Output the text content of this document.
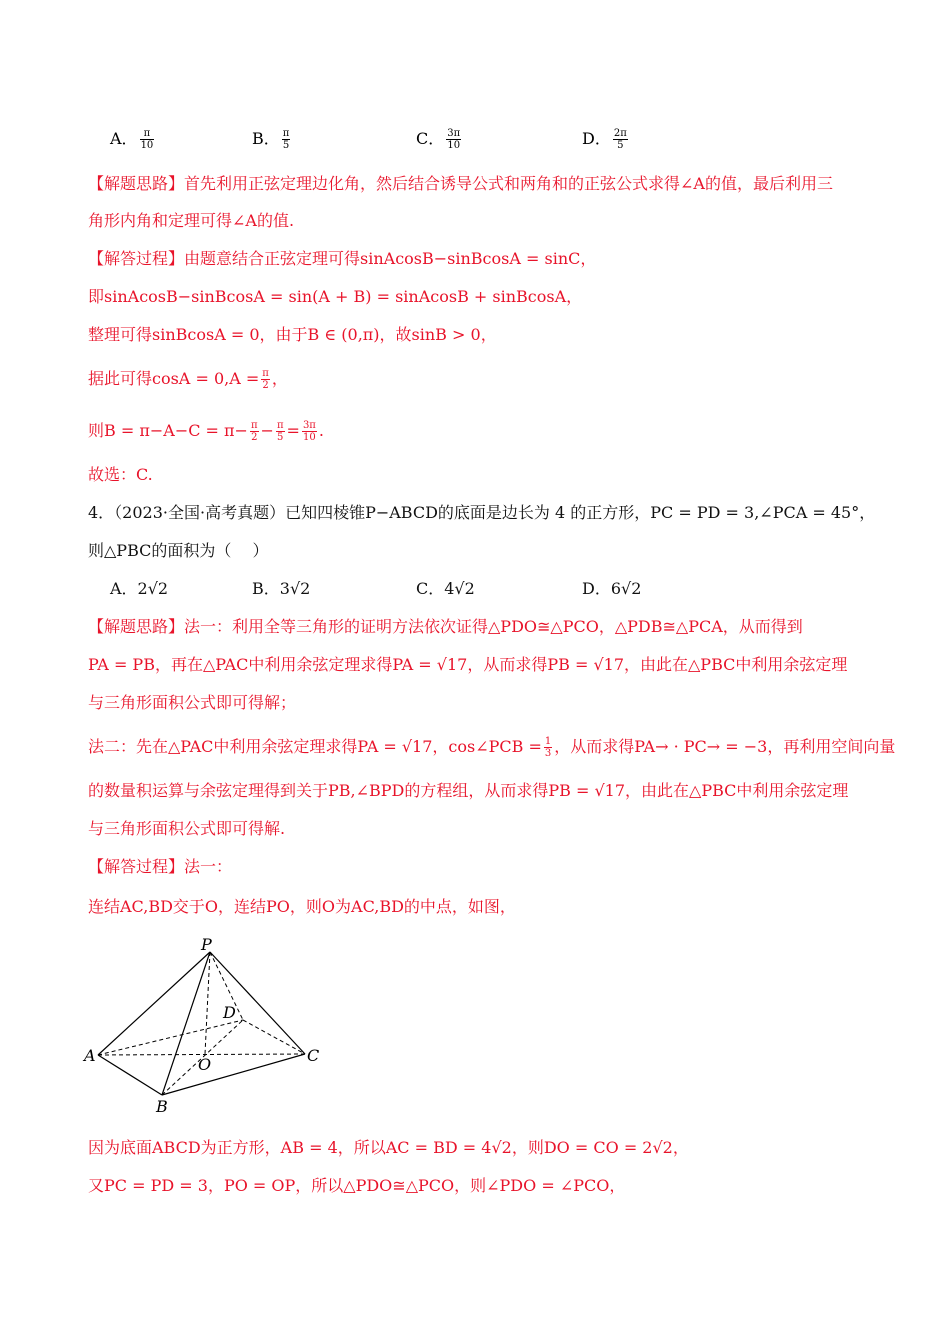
A． $\frac{\pi}{10}$	B． $\frac{\pi}{5}$	C． $\frac{3\pi}{10}$	D． $\frac{2\pi}{5}$
【解题思路】首先利用正弦定理边化角，然后结合诱导公式和两角和的正弦公式求得∠A的值，最后利用三
角形内角和定理可得∠A的值.
【解答过程】由题意结合正弦定理可得sinAcosB−sinBcosA = sinC，
即sinAcosB−sinBcosA = sin(A + B) = sinAcosB + sinBcosA，
整理可得sinBcosA = 0，由于B ∈ (0,π)，故sinB > 0，
据此可得$\cos A = 0,A = \frac{\pi}{2}$ ，
则$B = \pi-A-C = \pi- \frac{\pi}{2} - \frac{\pi}{5} = \frac{3\pi}{10}$ .
故选：C.
4．（2023·全国·高考真题）已知四棱锥P−ABCD的底面是边长为 4 的正方形，PC = PD = 3,∠PCA = 45°，
则△PBC的面积为（　 ）
A．2√2	B．3√2	C．4√2	D．6√2
【解题思路】法一：利用全等三角形的证明方法依次证得△PDO≅△PCO，△PDB≅△PCA，从而得到
PA = PB，再在△PAC中利用余弦定理求得PA = √17，从而求得PB = √17，由此在△PBC中利用余弦定理
与三角形面积公式即可得解；
法二：先在△PAC中利用余弦定理求得PA = √17，cos∠PCB = $\frac{1}{3}$ ，从而求得PA→ · PC→ = −3，再利用空间向量
的数量积运算与余弦定理得到关于PB,∠BPD的方程组，从而求得PB = √17，由此在△PBC中利用余弦定理
与三角形面积公式即可得解.
【解答过程】法一：
连结AC,BD交于O，连结PO，则O为AC,BD的中点，如图，
P
A
B
C
D
O
因为底面ABCD为正方形，AB = 4，所以AC = BD = 4√2，则DO = CO = 2√2，
又PC = PD = 3，PO = OP，所以△PDO≅△PCO，则∠PDO = ∠PCO，
